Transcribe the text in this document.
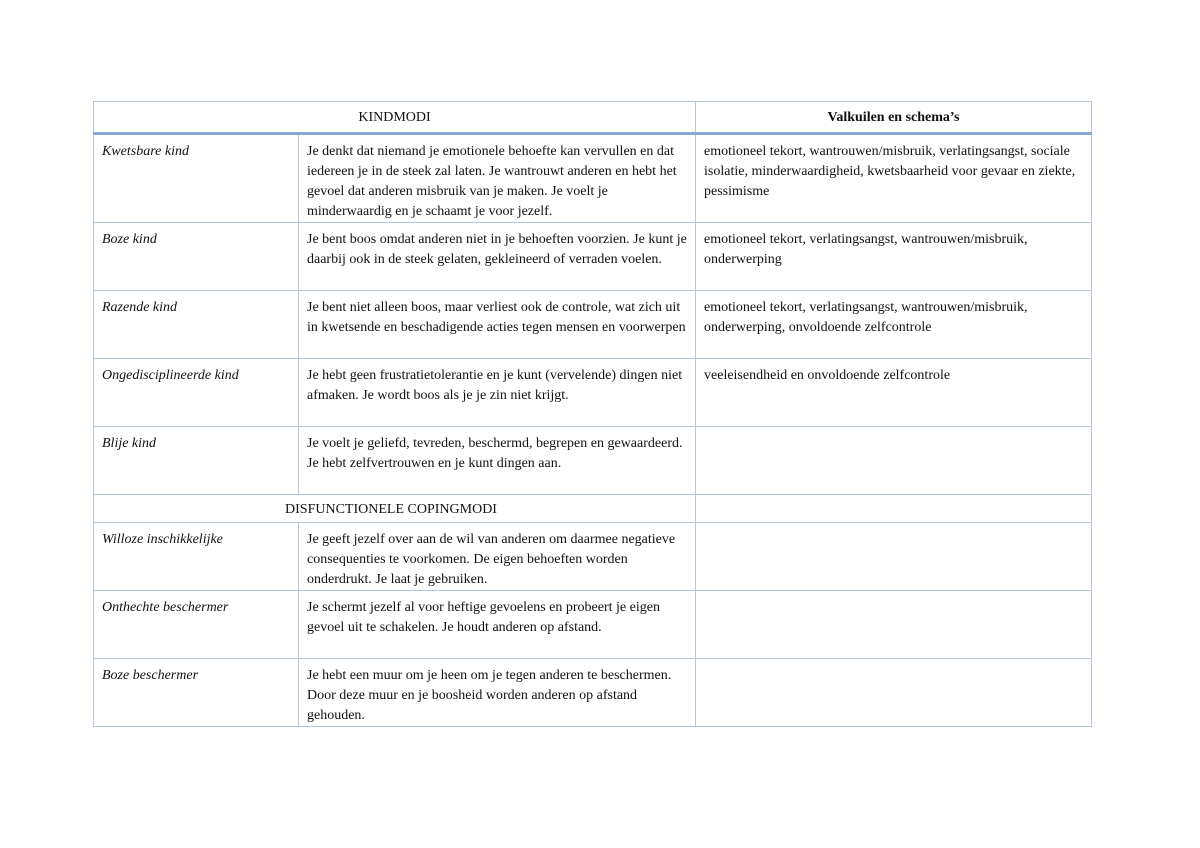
KINDMODI		Valkuilen en schema’s
Kwetsbare kind	Je denkt dat niemand je emotionele behoefte kan vervullen en dat iedereen je in de steek zal laten. Je wantrouwt anderen en hebt het gevoel dat anderen misbruik van je maken. Je voelt je minderwaardig en je schaamt je voor jezelf.	emotioneel tekort, wantrouwen/misbruik, verlatingsangst, sociale isolatie, minderwaardigheid, kwetsbaarheid voor gevaar en ziekte, pessimisme
Boze kind	Je bent boos omdat anderen niet in je behoeften voorzien. Je kunt je daarbij ook in de steek gelaten, gekleineerd of verraden voelen.	emotioneel tekort, verlatingsangst, wantrouwen/misbruik, onderwerping
Razende kind	Je bent niet alleen boos, maar verliest ook de controle, wat zich uit in kwetsende en beschadigende acties tegen mensen en voorwerpen	emotioneel tekort, verlatingsangst, wantrouwen/misbruik, onderwerping, onvoldoende zelfcontrole
Ongedisciplineerde kind	Je hebt geen frustratietolerantie en je kunt (vervelende) dingen niet afmaken. Je wordt boos als je je zin niet krijgt.	veeleisendheid en onvoldoende zelfcontrole
Blije kind	Je voelt je geliefd, tevreden, beschermd, begrepen en gewaardeerd. Je hebt zelfvertrouwen en je kunt dingen aan.	
DISFUNCTIONELE COPINGMODI		
Willoze inschikkelijke	Je geeft jezelf over aan de wil van anderen om daarmee negatieve consequenties te voorkomen. De eigen behoeften worden onderdrukt. Je laat je gebruiken.	
Onthechte beschermer	Je schermt jezelf al voor heftige gevoelens en probeert je eigen gevoel uit te schakelen. Je houdt anderen op afstand.	
Boze beschermer	Je hebt een muur om je heen om je tegen anderen te beschermen. Door deze muur en je boosheid worden anderen op afstand gehouden.	
